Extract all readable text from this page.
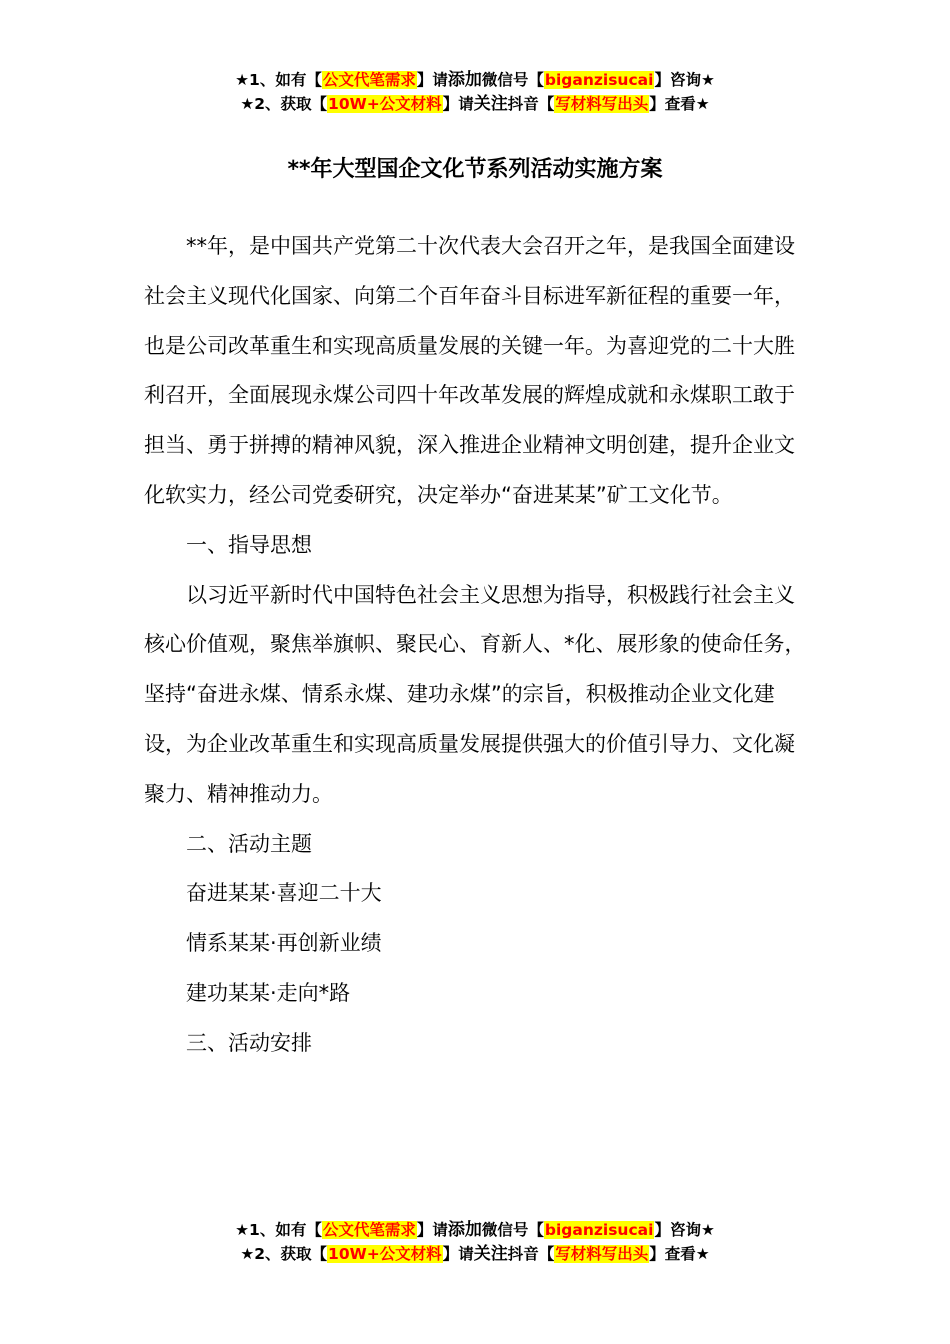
★1、如有【公文代笔需求】请添加微信号【biganzisucai】咨询★
★2、获取【10W+公文材料】请关注抖音【写材料写出头】查看★
**年大型国企文化节系列活动实施方案

**年，是中国共产党第二十次代表大会召开之年，是我国全面建设社会主义现代化国家、向第二个百年奋斗目标进军新征程的重要一年，也是公司改革重生和实现高质量发展的关键一年。为喜迎党的二十大胜利召开，全面展现永煤公司四十年改革发展的辉煌成就和永煤职工敢于担当、勇于拼搏的精神风貌，深入推进企业精神文明创建，提升企业文化软实力，经公司党委研究，决定举办“奋进某某”矿工文化节。

一、指导思想

以习近平新时代中国特色社会主义思想为指导，积极践行社会主义核心价值观，聚焦举旗帜、聚民心、育新人、*化、展形象的使命任务，坚持“奋进永煤、情系永煤、建功永煤”的宗旨，积极推动企业文化建设，为企业改革重生和实现高质量发展提供强大的价值引导力、文化凝聚力、精神推动力。

二、活动主题

奋进某某·喜迎二十大

情系某某·再创新业绩

建功某某·走向*路

三、活动安排

★1、如有【公文代笔需求】请添加微信号【biganzisucai】咨询★
★2、获取【10W+公文材料】请关注抖音【写材料写出头】查看★
